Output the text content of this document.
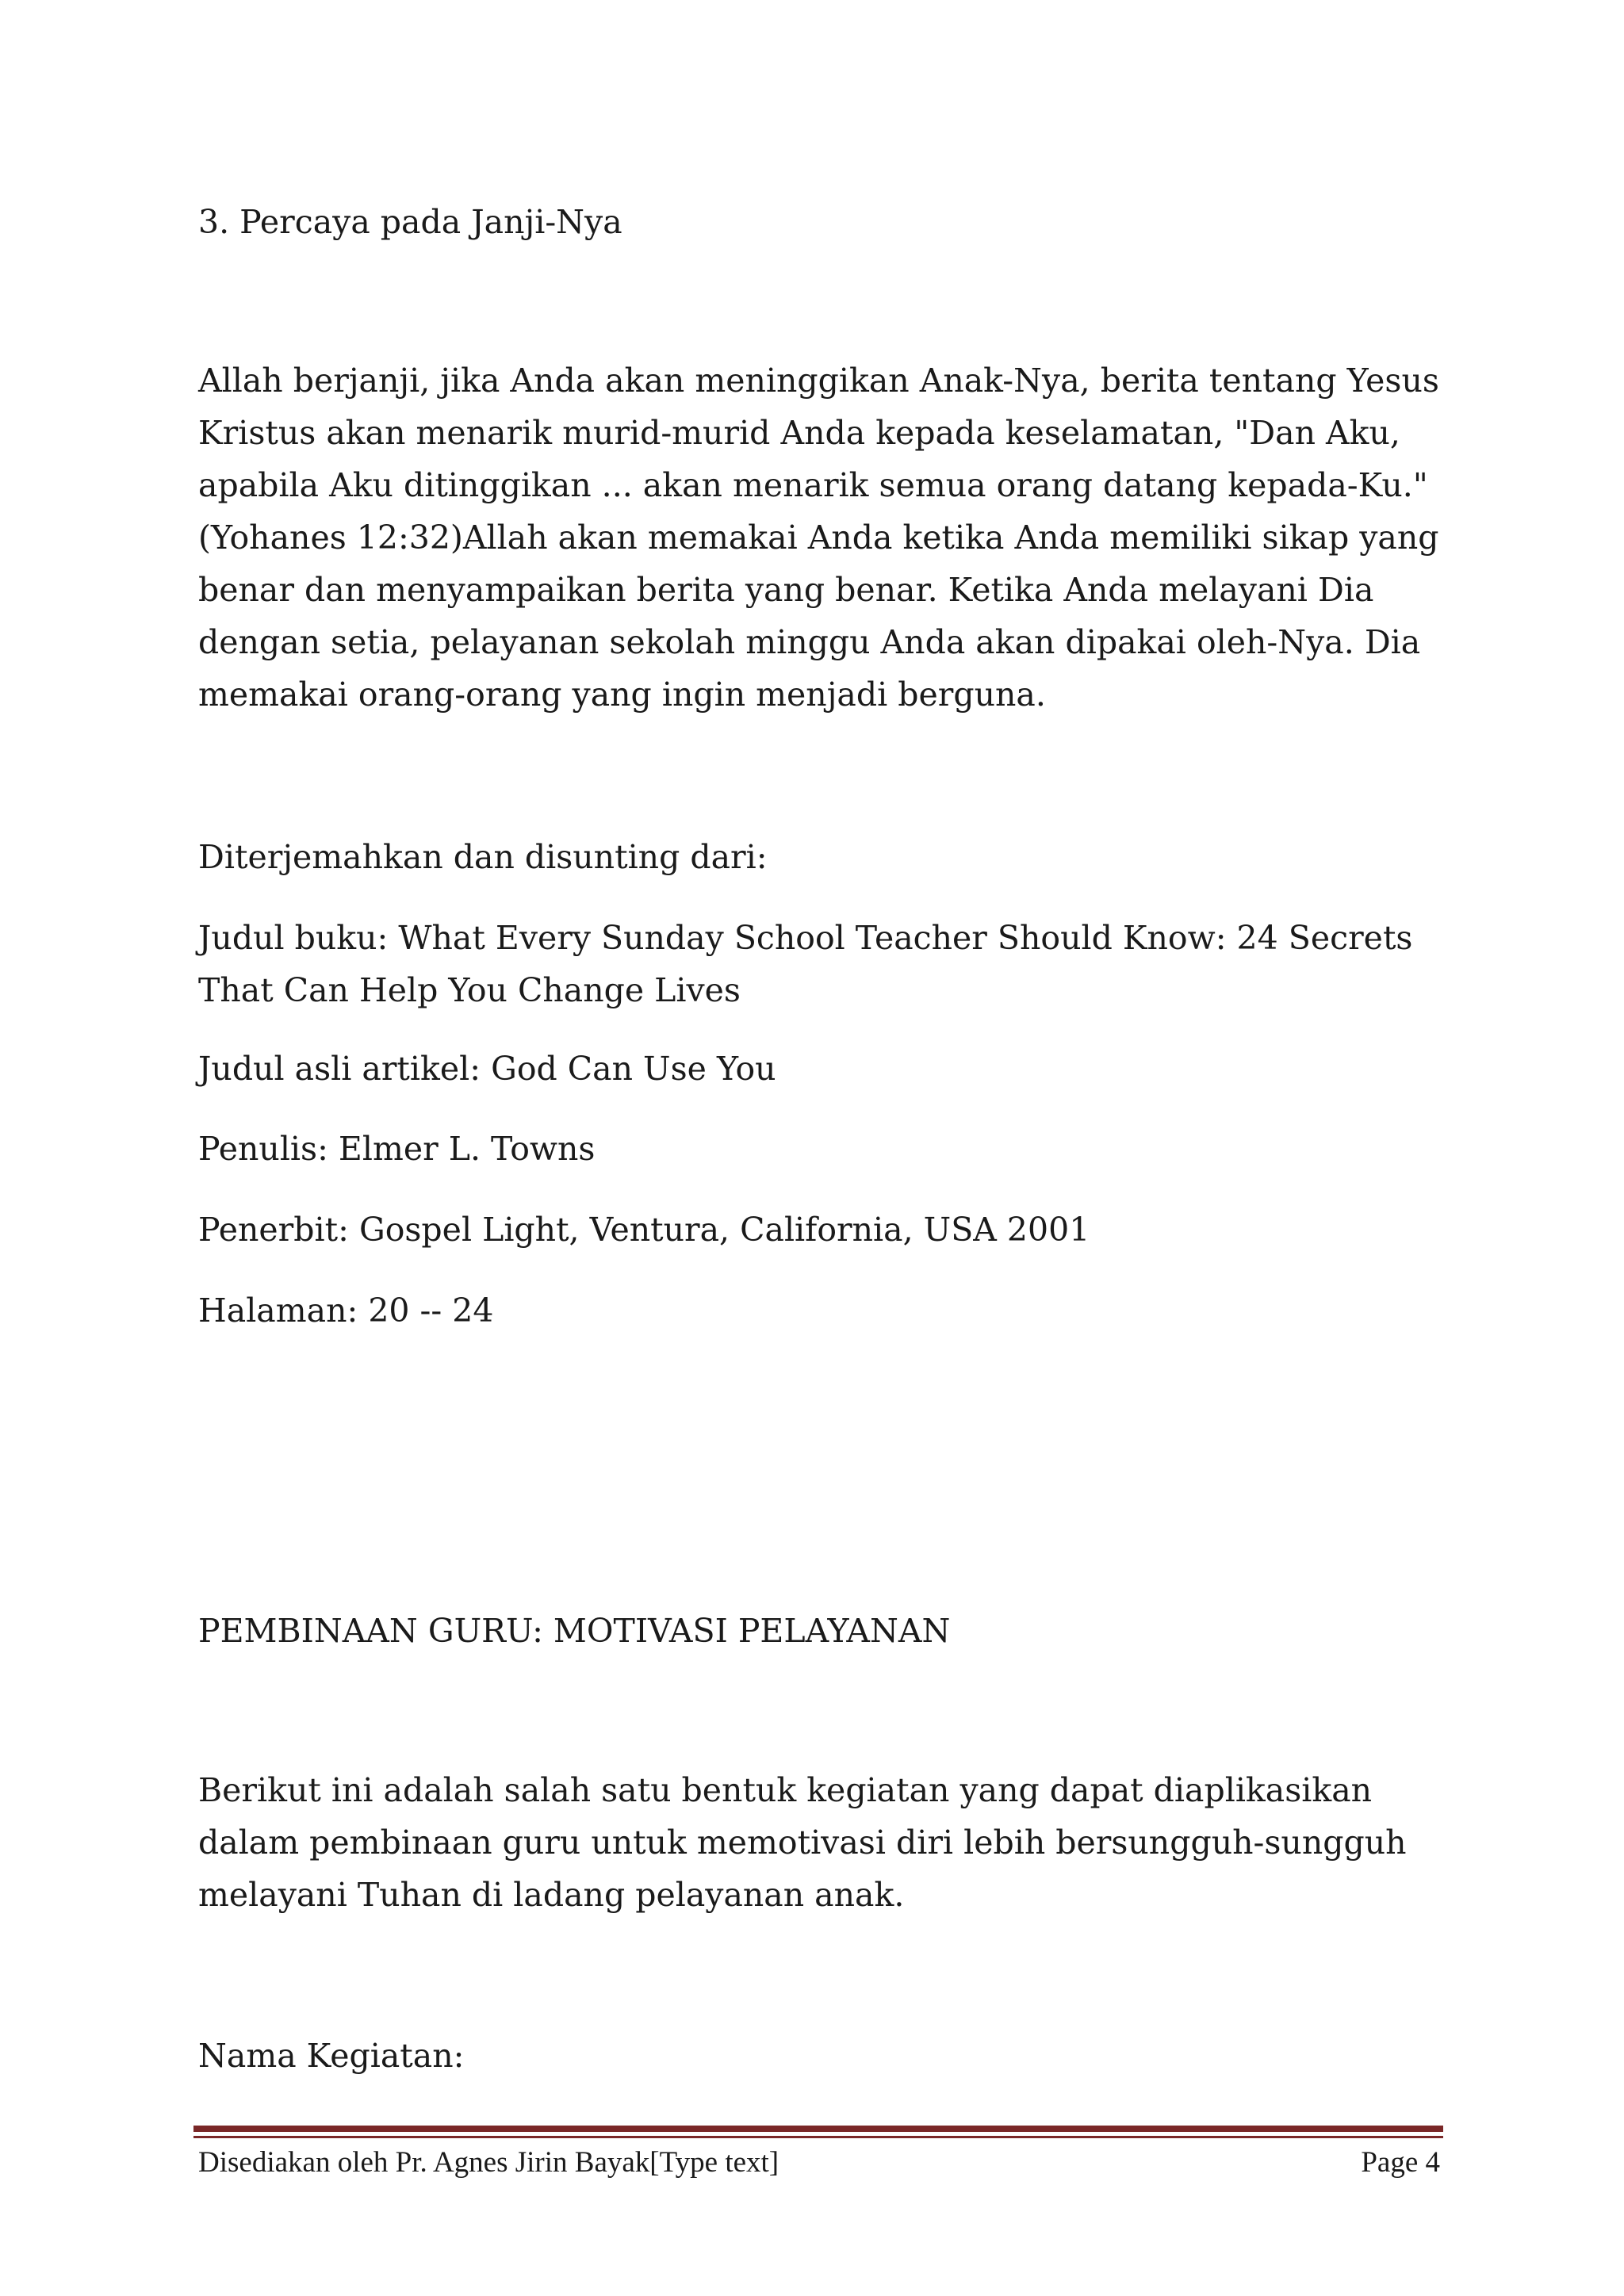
3. Percaya pada Janji-Nya

Allah berjanji, jika Anda akan meninggikan Anak-Nya, berita tentang Yesus
Kristus akan menarik murid-murid Anda kepada keselamatan, "Dan Aku,
apabila Aku ditinggikan ... akan menarik semua orang datang kepada-Ku."
(Yohanes 12:32)Allah akan memakai Anda ketika Anda memiliki sikap yang
benar dan menyampaikan berita yang benar. Ketika Anda melayani Dia
dengan setia, pelayanan sekolah minggu Anda akan dipakai oleh-Nya. Dia
memakai orang-orang yang ingin menjadi berguna.

Diterjemahkan dan disunting dari:

Judul buku: What Every Sunday School Teacher Should Know: 24 Secrets
That Can Help You Change Lives

Judul asli artikel: God Can Use You

Penulis: Elmer L. Towns

Penerbit: Gospel Light, Ventura, California, USA 2001

Halaman: 20 -- 24

PEMBINAAN GURU: MOTIVASI PELAYANAN

Berikut ini adalah salah satu bentuk kegiatan yang dapat diaplikasikan
dalam pembinaan guru untuk memotivasi diri lebih bersungguh-sungguh
melayani Tuhan di ladang pelayanan anak.

Nama Kegiatan:

Disediakan oleh Pr. Agnes Jirin Bayak[Type text]	Page 4
